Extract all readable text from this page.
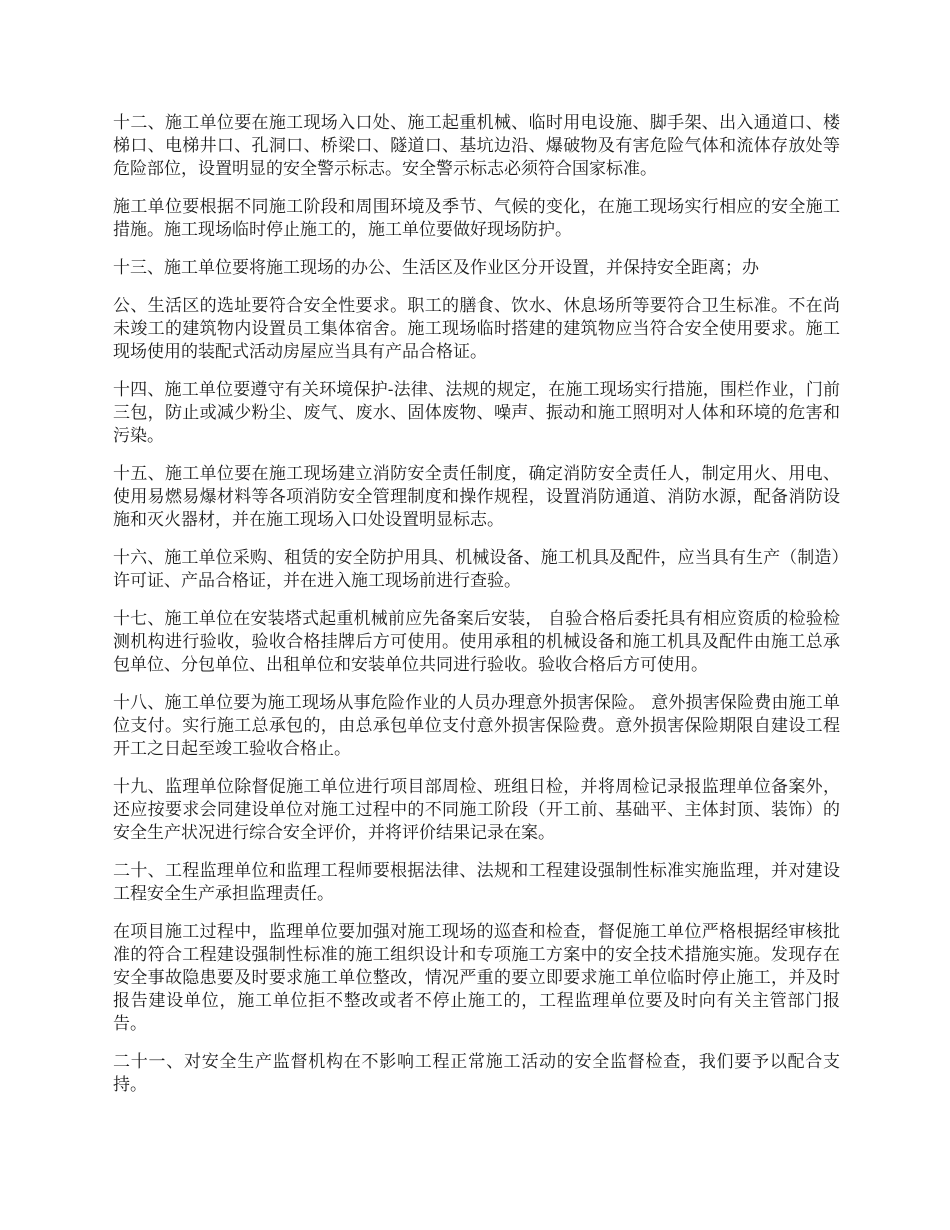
十二、施工单位要在施工现场入口处、施工起重机械、临时用电设施、脚手架、出入通道口、楼梯口、电梯井口、孔洞口、桥梁口、隧道口、基坑边沿、爆破物及有害危险气体和流体存放处等危险部位，设置明显的安全警示标志。安全警示标志必须符合国家标准。

施工单位要根据不同施工阶段和周围环境及季节、气候的变化，在施工现场实行相应的安全施工措施。施工现场临时停止施工的，施工单位要做好现场防护。

十三、施工单位要将施工现场的办公、生活区及作业区分开设置，并保持安全距离；办

公、生活区的选址要符合安全性要求。职工的膳食、饮水、休息场所等要符合卫生标准。不在尚未竣工的建筑物内设置员工集体宿舍。施工现场临时搭建的建筑物应当符合安全使用要求。施工现场使用的装配式活动房屋应当具有产品合格证。

十四、施工单位要遵守有关环境保护-法律、法规的规定，在施工现场实行措施，围栏作业，门前三包，防止或减少粉尘、废气、废水、固体废物、噪声、振动和施工照明对人体和环境的危害和污染。

十五、施工单位要在施工现场建立消防安全责任制度，确定消防安全责任人，制定用火、用电、使用易燃易爆材料等各项消防安全管理制度和操作规程，设置消防通道、消防水源，配备消防设施和灭火器材，并在施工现场入口处设置明显标志。

十六、施工单位采购、租赁的安全防护用具、机械设备、施工机具及配件，应当具有生产（制造）许可证、产品合格证，并在进入施工现场前进行查验。

十七、施工单位在安装塔式起重机械前应先备案后安装， 自验合格后委托具有相应资质的检验检测机构进行验收，验收合格挂牌后方可使用。使用承租的机械设备和施工机具及配件由施工总承包单位、分包单位、出租单位和安装单位共同进行验收。验收合格后方可使用。

十八、施工单位要为施工现场从事危险作业的人员办理意外损害保险。 意外损害保险费由施工单位支付。实行施工总承包的，由总承包单位支付意外损害保险费。意外损害保险期限自建设工程开工之日起至竣工验收合格止。

十九、监理单位除督促施工单位进行项目部周检、班组日检，并将周检记录报监理单位备案外，还应按要求会同建设单位对施工过程中的不同施工阶段（开工前、基础平、主体封顶、装饰）的安全生产状况进行综合安全评价，并将评价结果记录在案。

二十、工程监理单位和监理工程师要根据法律、法规和工程建设强制性标准实施监理，并对建设工程安全生产承担监理责任。

在项目施工过程中，监理单位要加强对施工现场的巡查和检查，督促施工单位严格根据经审核批准的符合工程建设强制性标准的施工组织设计和专项施工方案中的安全技术措施实施。发现存在安全事故隐患要及时要求施工单位整改，情况严重的要立即要求施工单位临时停止施工，并及时报告建设单位，施工单位拒不整改或者不停止施工的，工程监理单位要及时向有关主管部门报告。

二十一、对安全生产监督机构在不影响工程正常施工活动的安全监督检查，我们要予以配合支持。
